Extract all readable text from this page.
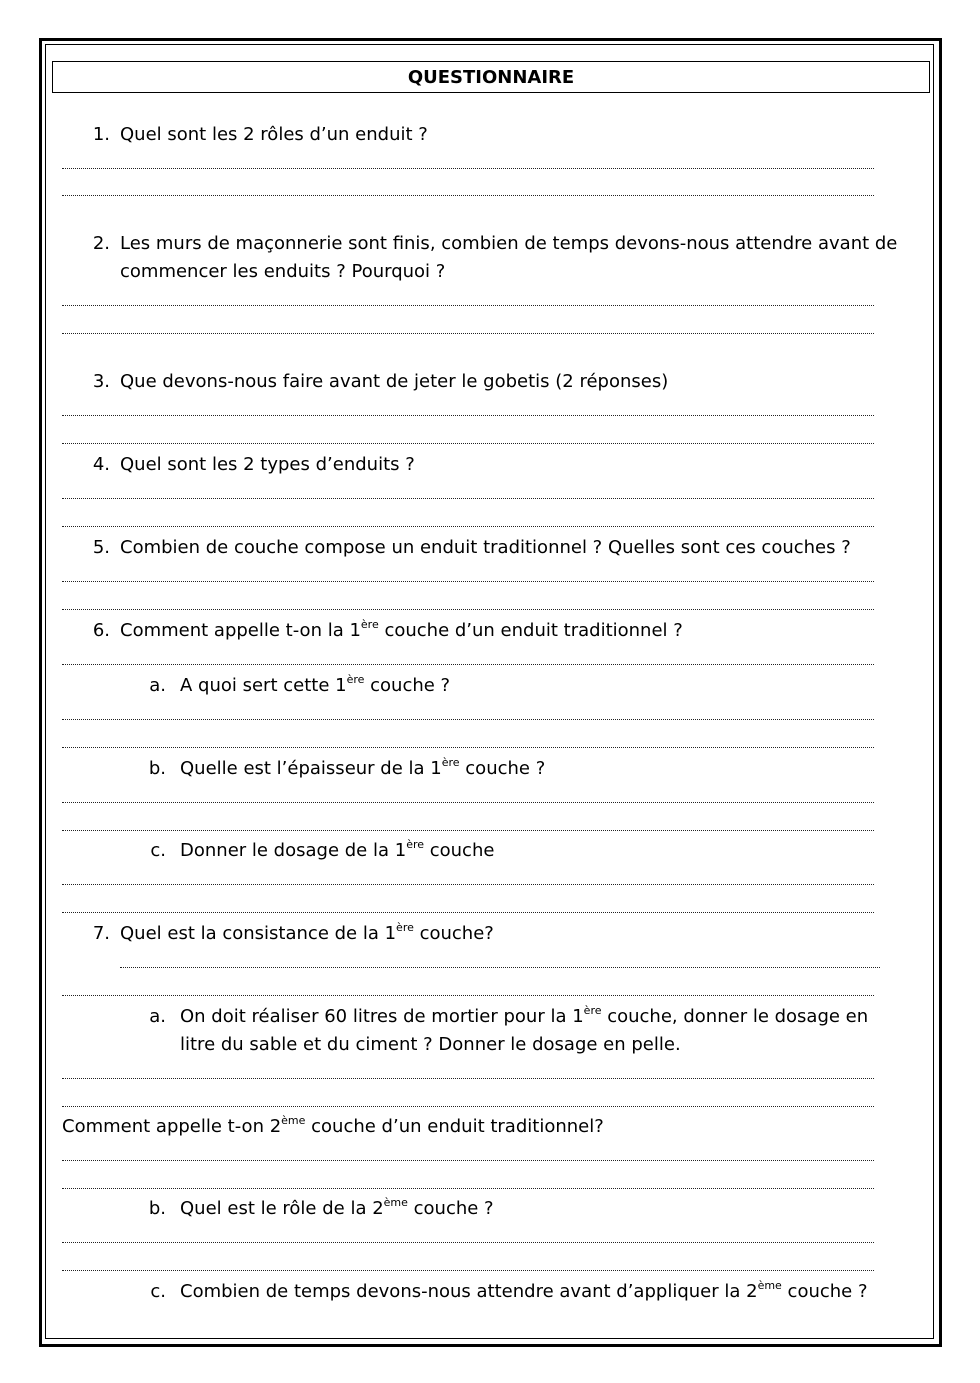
QUESTIONNAIRE
1. Quel sont les 2 rôles d’un enduit ?
2. Les murs de maçonnerie sont finis, combien de temps devons-nous attendre avant de
commencer les enduits ? Pourquoi ?
3. Que devons-nous faire avant de jeter le gobetis (2 réponses)
4. Quel sont les 2 types d’enduits ?
5. Combien de couche compose un enduit traditionnel ? Quelles sont ces couches ?
6. Comment appelle t-on la 1ère couche d’un enduit traditionnel ?
a. A quoi sert cette 1ère couche ?
b. Quelle est l’épaisseur de la 1ère couche ?
c. Donner le dosage de la 1ère couche
7. Quel est la consistance de la 1ère couche?
a. On doit réaliser 60 litres de mortier pour la 1ère couche, donner le dosage en
litre du sable et du ciment ? Donner le dosage en pelle.
Comment appelle t-on 2ème couche d’un enduit traditionnel?
b. Quel est le rôle de la 2ème couche ?
c. Combien de temps devons-nous attendre avant d’appliquer la 2ème couche ?
